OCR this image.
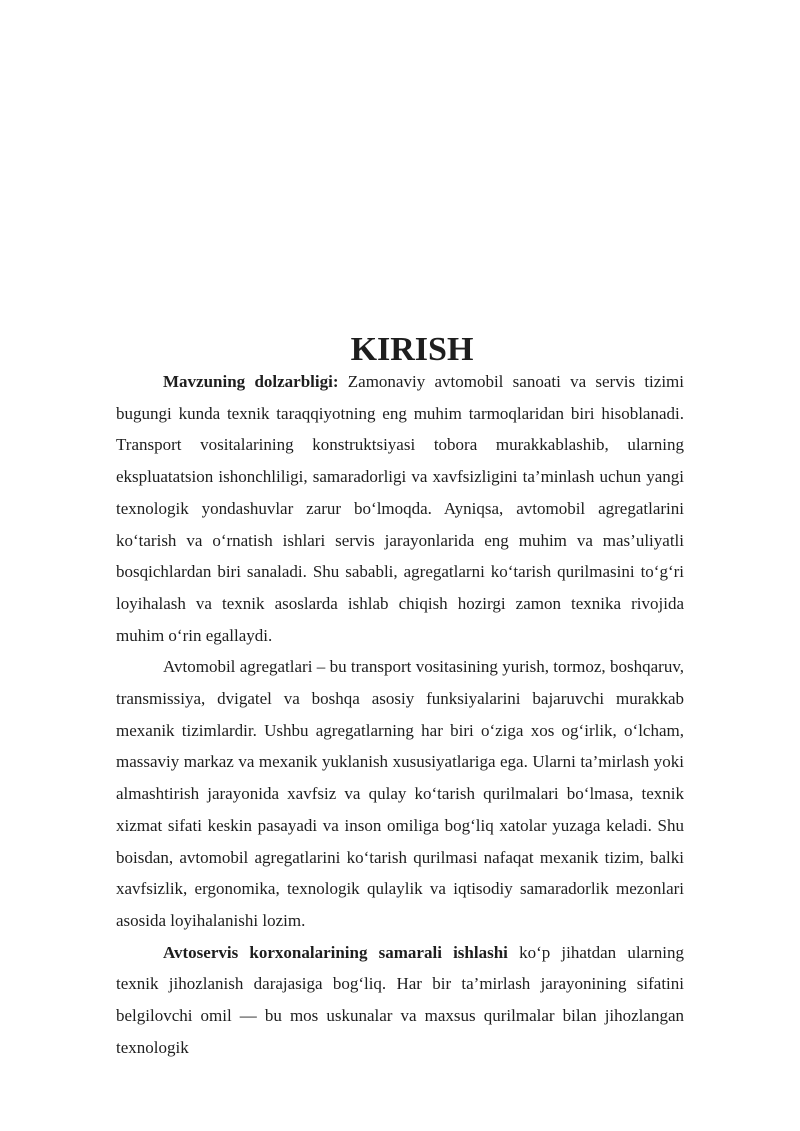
KIRISH

Mavzuning dolzarbligi: Zamonaviy avtomobil sanoati va servis tizimi bugungi kunda texnik taraqqiyotning eng muhim tarmoqlaridan biri hisoblanadi. Transport vositalarining konstruktsiyasi tobora murakkablashib, ularning ekspluatatsion ishonchliligi, samaradorligi va xavfsizligini ta’minlash uchun yangi texnologik yondashuvlar zarur bo‘lmoqda. Ayniqsa, avtomobil agregatlarini ko‘tarish va o‘rnatish ishlari servis jarayonlarida eng muhim va mas’uliyatli bosqichlardan biri sanaladi. Shu sababli, agregatlarni ko‘tarish qurilmasini to‘g‘ri loyihalash va texnik asoslarda ishlab chiqish hozirgi zamon texnika rivojida muhim o‘rin egallaydi.

Avtomobil agregatlari – bu transport vositasining yurish, tormoz, boshqaruv, transmissiya, dvigatel va boshqa asosiy funksiyalarini bajaruvchi murakkab mexanik tizimlardir. Ushbu agregatlarning har biri o‘ziga xos og‘irlik, o‘lcham, massaviy markaz va mexanik yuklanish xususiyatlariga ega. Ularni ta’mirlash yoki almashtirish jarayonida xavfsiz va qulay ko‘tarish qurilmalari bo‘lmasa, texnik xizmat sifati keskin pasayadi va inson omiliga bog‘liq xatolar yuzaga keladi. Shu boisdan, avtomobil agregatlarini ko‘tarish qurilmasi nafaqat mexanik tizim, balki xavfsizlik, ergonomika, texnologik qulaylik va iqtisodiy samaradorlik mezonlari asosida loyihalanishi lozim.

Avtoservis korxonalarining samarali ishlashi ko‘p jihatdan ularning texnik jihozlanish darajasiga bog‘liq. Har bir ta’mirlash jarayonining sifatini belgilovchi omil — bu mos uskunalar va maxsus qurilmalar bilan jihozlangan texnologik
